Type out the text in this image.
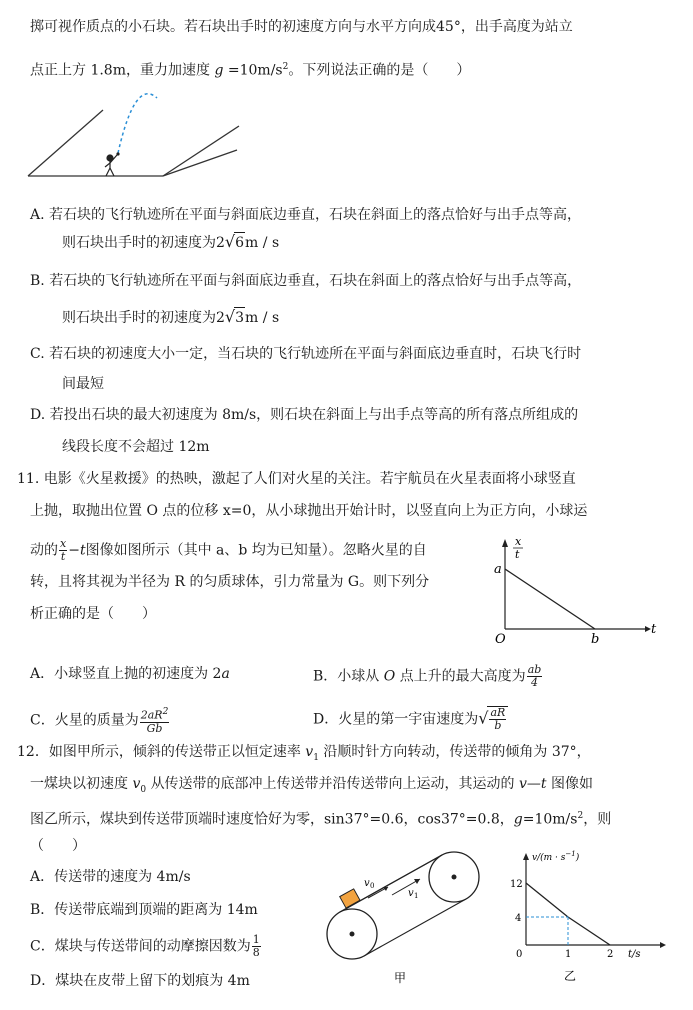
掷可视作质点的小石块。若石块出手时的初速度方向与水平方向成45°，出手高度为站立
点正上方 1.8m，重力加速度 $g =10m/s^2$。下列说法正确的是（　　）
A. 若石块的飞行轨迹所在平面与斜面底边垂直，石块在斜面上的落点恰好与出手点等高，
则石块出手时的初速度为2√6m / s
B. 若石块的飞行轨迹所在平面与斜面底边垂直，石块在斜面上的落点恰好与出手点等高，
则石块出手时的初速度为2√3m / s
C. 若石块的初速度大小一定，当石块的飞行轨迹所在平面与斜面底边垂直时，石块飞行时
间最短
D. 若投出石块的最大初速度为 8m/s，则石块在斜面上与出手点等高的所有落点所组成的
线段长度不会超过 12m
11. 电影《火星救援》的热映，激起了人们对火星的关注。若宇航员在火星表面将小球竖直
上抛，取抛出位置 O 点的位移 x=0，从小球抛出开始计时，以竖直向上为正方向，小球运
动的 $\frac{x}{t} -t$图像如图所示（其中 a、b 均为已知量）。忽略火星的自
转，且将其视为半径为 R 的匀质球体，引力常量为 G。则下列分
析正确的是（　　）
x
t
a
O	b
t
A．小球竖直上抛的初速度为 2a	B．小球从 O 点上升的最大高度为 $\frac{ab}{4}$
C．火星的质量为 $\frac{2aR^2}{Gb}$	D．火星的第一宇宙速度为√ $\frac{aR}{b}$
12．如图甲所示，倾斜的传送带正以恒定速率 $v_1$ 沿顺时针方向转动，传送带的倾角为 37°，
一煤块以初速度 $v_0$ 从传送带的底部冲上传送带并沿传送带向上运动，其运动的 v—t 图像如
图乙所示，煤块到传送带顶端时速度恰好为零，sin37°=0.6，cos37°=0.8，$g=10m/s^2$，则
（　　）
A．传送带的速度为 4m/s
B．传送带底端到顶端的距离为 14m
C．煤块与传送带间的动摩擦因数为 $\frac{1}{8}$
D．煤块在皮带上留下的划痕为 4m
v 0
v 1
甲
$v/(m \cdot s^{-1})$
12
4
0	1	2 t/s
乙
